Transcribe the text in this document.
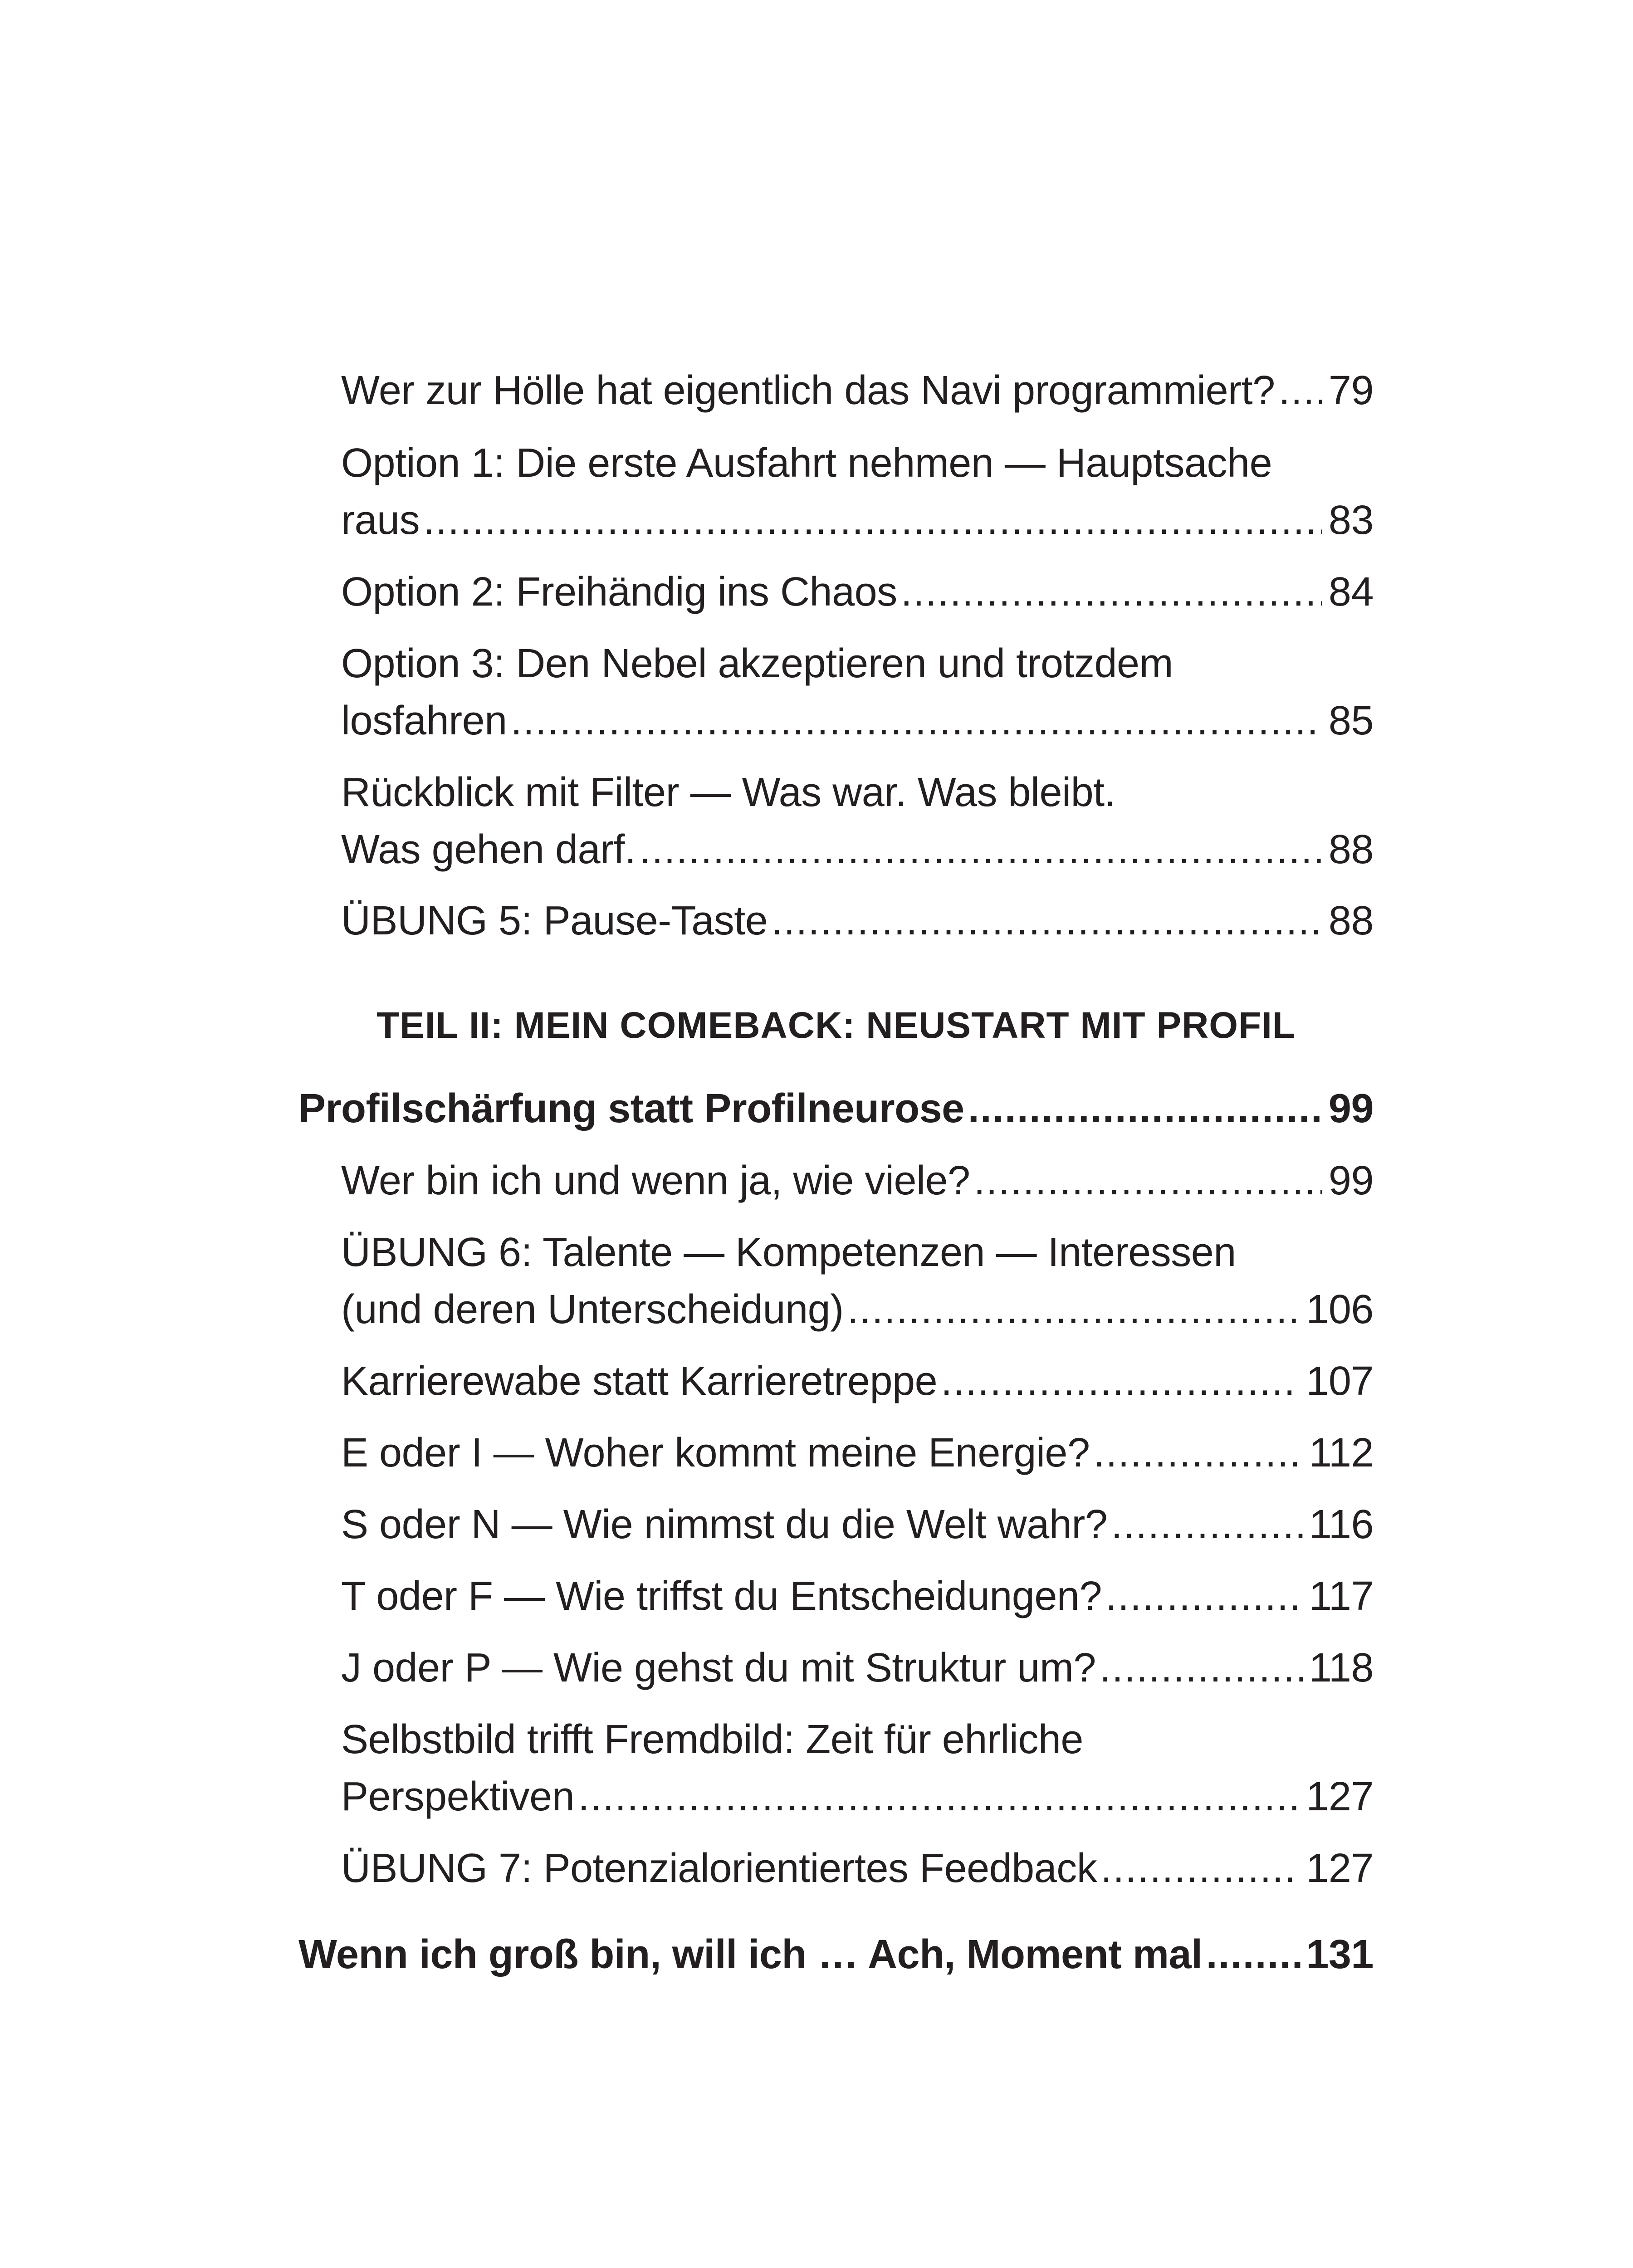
Wer zur Hölle hat eigentlich das Navi programmiert? ..... 79
Option 1: Die erste Ausfahrt nehmen — Hauptsache
raus .....	83
Option 2: Freihändig ins Chaos .....	84
Option 3: Den Nebel akzeptieren und trotzdem
losfahren .....	85
Rückblick mit Filter — Was war. Was bleibt.
Was gehen darf. .....	88
ÜBUNG 5: Pause-Taste .....	88
TEIL II: MEIN COMEBACK: NEUSTART MIT PROFIL
Profilschärfung statt Profilneurose .....	99
Wer bin ich und wenn ja, wie viele? .....	99
ÜBUNG 6: Talente — Kompetenzen — Interessen
(und deren Unterscheidung) .....	106
Karrierewabe statt Karrieretreppe .....	107
E oder I — Woher kommt meine Energie? .....	112
S oder N — Wie nimmst du die Welt wahr? .....	116
T oder F — Wie triffst du Entscheidungen? .....	117
J oder P — Wie gehst du mit Struktur um? .....	118
Selbstbild trifft Fremdbild: Zeit für ehrliche
Perspektiven .....	127
ÜBUNG 7: Potenzialorientiertes Feedback .....	127
Wenn ich groß bin, will ich … Ach, Moment mal .....	131
